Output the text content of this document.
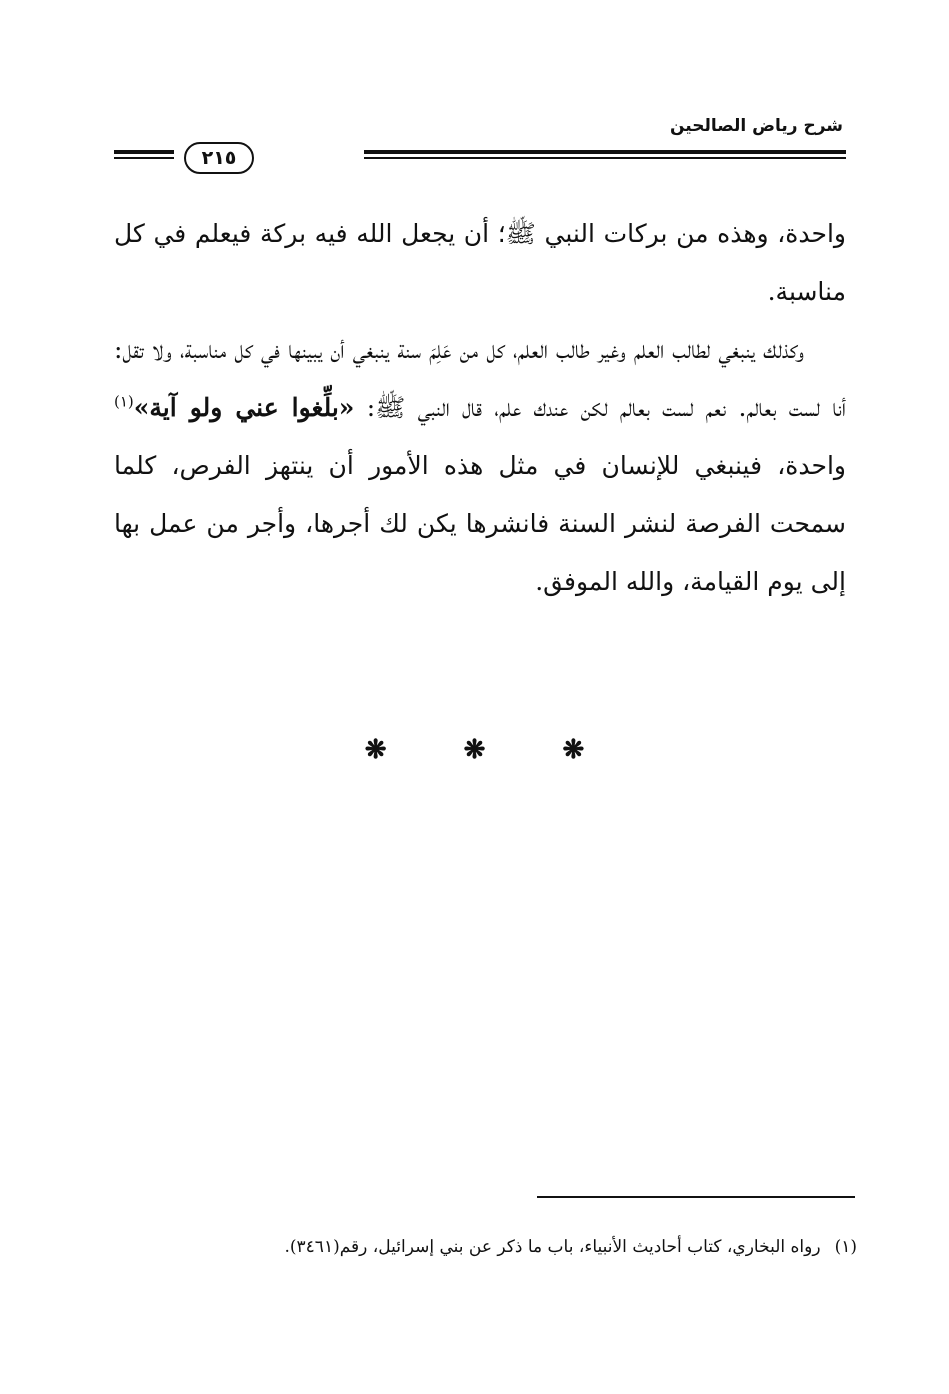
شرح رياض الصالحين
٢١٥

واحدة، وهذه من بركات النبي ﷺ؛ أن يجعل الله فيه بركة فيعلم في كل مناسبة.

وكذلك ينبغي لطالب العلم وغير طالب العلم، كل من عَلِمَ سنة ينبغي أن يبينها في كل مناسبة، ولا تقل: أنا لست بعالم. نعم لست بعالم لكن عندك علم، قال النبي ﷺ: «بلِّغوا عني ولو آية»$^{(١)}$ واحدة، فينبغي للإنسان في مثل هذه الأمور أن ينتهز الفرص، كلما سمحت الفرصة لنشر السنة فانشرها يكن لك أجرها، وأجر من عمل بها إلى يوم القيامة، والله الموفق.

❋	❋	❋
(١)رواه البخاري، كتاب أحاديث الأنبياء، باب ما ذكر عن بني إسرائيل، رقم(٣٤٦١).
